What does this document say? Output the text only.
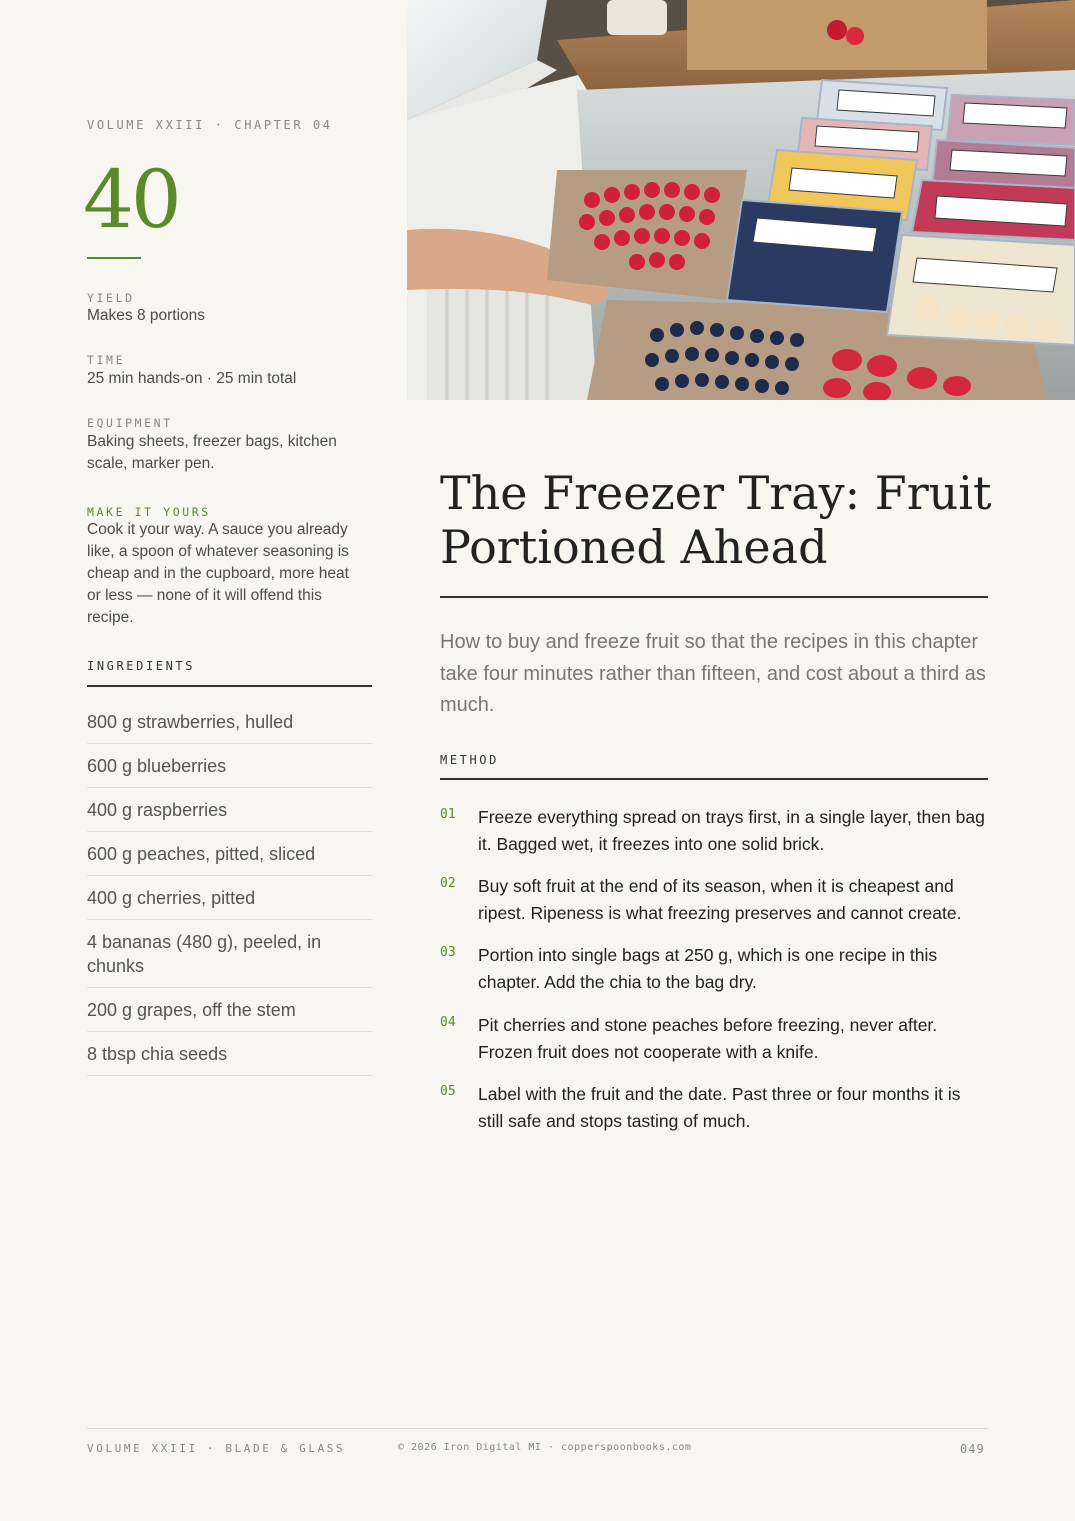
VOLUME XXIII · CHAPTER 04
40
YIELD
Makes 8 portions
TIME
25 min hands-on · 25 min total
EQUIPMENT
Baking sheets, freezer bags, kitchen scale, marker pen.
MAKE IT YOURS
Cook it your way. A sauce you already like, a spoon of whatever seasoning is cheap and in the cupboard, more heat or less — none of it will offend this recipe.
INGREDIENTS
800 g strawberries, hulled
600 g blueberries
400 g raspberries
600 g peaches, pitted, sliced
400 g cherries, pitted
4 bananas (480 g), peeled, in chunks
200 g grapes, off the stem
8 tbsp chia seeds
The Freezer Tray: Fruit Portioned Ahead
How to buy and freeze fruit so that the recipes in this chapter take four minutes rather than fifteen, and cost about a third as much.
METHOD
01 Freeze everything spread on trays first, in a single layer, then bag it. Bagged wet, it freezes into one solid brick.
02 Buy soft fruit at the end of its season, when it is cheapest and ripest. Ripeness is what freezing preserves and cannot create.
03 Portion into single bags at 250 g, which is one recipe in this chapter. Add the chia to the bag dry.
04 Pit cherries and stone peaches before freezing, never after. Frozen fruit does not cooperate with a knife.
05 Label with the fruit and the date. Past three or four months it is still safe and stops tasting of much.
VOLUME XXIII · BLADE & GLASS	© 2026 Iron Digital MI · copperspoonbooks.com	049
